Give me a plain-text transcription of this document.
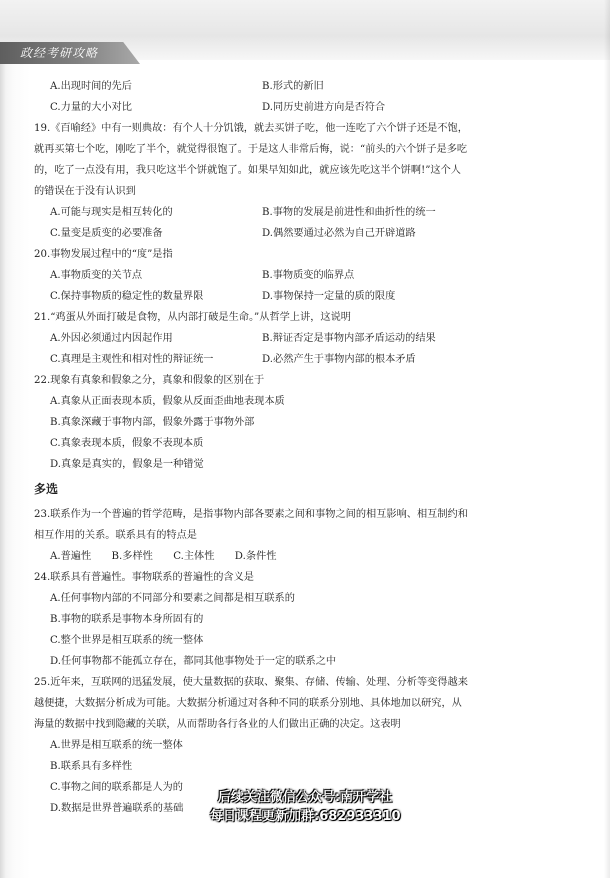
政经考研攻略
A.出现时间的先后	B.形式的新旧
C.力量的大小对比	D.同历史前进方向是否符合
19.《百喻经》中有一则典故：有个人十分饥饿，就去买饼子吃，他一连吃了六个饼子还是不饱，
就再买第七个吃，刚吃了半个，就觉得很饱了。于是这人非常后悔，说：“前头的六个饼子是多吃
的，吃了一点没有用，我只吃这半个饼就饱了。如果早知如此，就应该先吃这半个饼啊!”这个人
的错误在于没有认识到
A.可能与现实是相互转化的	B.事物的发展是前进性和曲折性的统一
C.量变是质变的必要准备	D.偶然要通过必然为自己开辟道路
20.事物发展过程中的“度”是指
A.事物质变的关节点	B.事物质变的临界点
C.保持事物质的稳定性的数量界限	D.事物保持一定量的质的限度
21.“鸡蛋从外面打破是食物，从内部打破是生命。”从哲学上讲，这说明
A.外因必须通过内因起作用	B.辩证否定是事物内部矛盾运动的结果
C.真理是主观性和相对性的辩证统一	D.必然产生于事物内部的根本矛盾
22.现象有真象和假象之分，真象和假象的区别在于
A.真象从正面表现本质，假象从反面歪曲地表现本质
B.真象深藏于事物内部，假象外露于事物外部
C.真象表现本质，假象不表现本质
D.真象是真实的，假象是一种错觉
多选
23.联系作为一个普遍的哲学范畴，是指事物内部各要素之间和事物之间的相互影响、相互制约和
相互作用的关系。联系具有的特点是
A.普遍性　　B.多样性　　C.主体性　　D.条件性
24.联系具有普遍性。事物联系的普遍性的含义是
A.任何事物内部的不同部分和要素之间都是相互联系的
B.事物的联系是事物本身所固有的
C.整个世界是相互联系的统一整体
D.任何事物都不能孤立存在，都同其他事物处于一定的联系之中
25.近年来，互联网的迅猛发展，使大量数据的获取、聚集、存储、传输、处理、分析等变得越来
越便捷，大数据分析成为可能。大数据分析通过对各种不同的联系分别地、具体地加以研究，从
海量的数据中找到隐藏的关联，从而帮助各行各业的人们做出正确的决定。这表明
A.世界是相互联系的统一整体
B.联系具有多样性
C.事物之间的联系都是人为的
D.数据是世界普遍联系的基础
后续关注微信公众号:南开学社
每日课程更新加群:682933310
